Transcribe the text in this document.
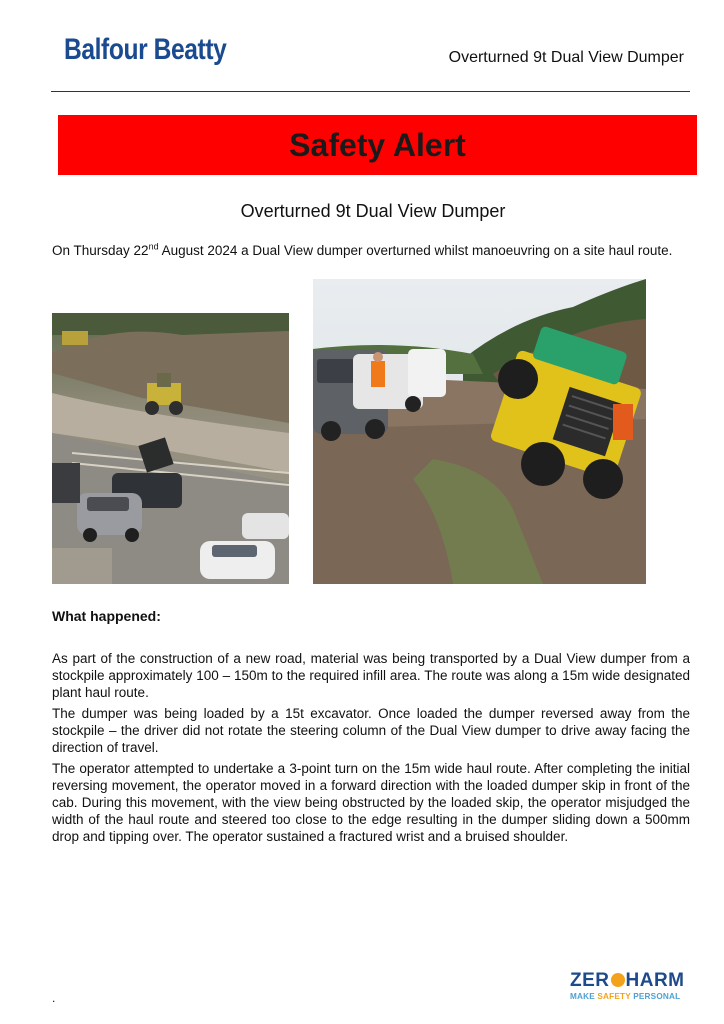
Balfour Beatty	Overturned 9t Dual View Dumper
Safety Alert
Overturned 9t Dual View Dumper
On Thursday 22nd August 2024 a Dual View dumper overturned whilst manoeuvring on a site haul route.
What happened:

As part of the construction of a new road, material was being transported by a Dual View dumper from a stockpile approximately 100 – 150m to the required infill area. The route was along a 15m wide designated plant haul route.

The dumper was being loaded by a 15t excavator. Once loaded the dumper reversed away from the stockpile – the driver did not rotate the steering column of the Dual View dumper to drive away facing the direction of travel.

The operator attempted to undertake a 3-point turn on the 15m wide haul route. After completing the initial reversing movement, the operator moved in a forward direction with the loaded dumper skip in front of the cab. During this movement, with the view being obstructed by the loaded skip, the operator misjudged the width of the haul route and steered too close to the edge resulting in the dumper sliding down a 500mm drop and tipping over. The operator sustained a fractured wrist and a bruised shoulder.

.
ZER HARM
MAKE SAFETY PERSONAL
